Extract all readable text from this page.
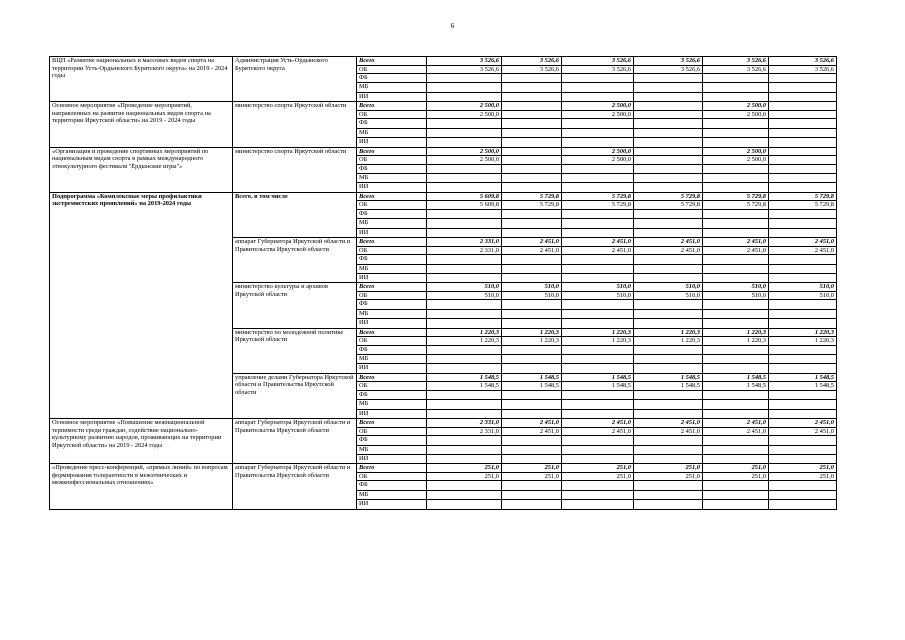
6
ВЦП «Развитие национальных и массовых видов спорта на территории Усть-Ордынского Бурятского округа» на 2019 - 2024 годы	Администрация Усть-Ордынского Бурятского округа	Всего	3 526,6	3 526,6	3 526,6	3 526,6	3 526,6	3 526,6
		ОБ	3 526,6	3 526,6	3 526,6	3 526,6	3 526,6	3 526,6
		ФБ						
		МБ						
		ИИ						
Основное мероприятие «Проведение мероприятий, направленных на развитие национальных видов спорта на территории Иркутской области» на 2019 - 2024 годы	министерство спорта Иркутской области	Всего	2 500,0		2 500,0		2 500,0	
		ОБ	2 500,0		2 500,0		2 500,0	
		ФБ						
		МБ						
		ИИ						
«Организация и проведение спортивных мероприятий по национальным видам спорта в рамках международного этнокультурного фестиваля "Ёрдынские игры"»	министерство спорта Иркутской области	Всего	2 500,0		2 500,0		2 500,0	
		ОБ	2 500,0		2 500,0		2 500,0	
		ФБ						
		МБ						
		ИИ						
Подпрограмма «Комплексные меры профилактики экстремистских проявлений» на 2019-2024 годы	Всего, в том числе	Всего	5 609,8	5 729,8	5 729,8	5 729,8	5 729,8	5 729,8
		ОБ	5 609,8	5 729,8	5 729,8	5 729,8	5 729,8	5 729,8
		ФБ						
		МБ						
		ИИ						
	аппарат Губернатора Иркутской области и Правительства Иркутской области	Всего	2 331,0	2 451,0	2 451,0	2 451,0	2 451,0	2 451,0
		ОБ	2 331,0	2 451,0	2 451,0	2 451,0	2 451,0	2 451,0
		ФБ						
		МБ						
		ИИ						
	министерство культуры и архивов Иркутской области	Всего	510,0	510,0	510,0	510,0	510,0	510,0
		ОБ	510,0	510,0	510,0	510,0	510,0	510,0
		ФБ						
		МБ						
		ИИ						
	министерство по молодежной политике Иркутской области	Всего	1 220,3	1 220,3	1 220,3	1 220,3	1 220,3	1 220,3
		ОБ	1 220,3	1 220,3	1 220,3	1 220,3	1 220,3	1 220,3
		ФБ						
		МБ						
		ИИ						
	управление делами Губернатора Иркутской области и Правительства Иркутской области	Всего	1 548,5	1 548,5	1 548,5	1 548,5	1 548,5	1 548,5
		ОБ	1 548,5	1 548,5	1 548,5	1 548,5	1 548,5	1 548,5
		ФБ						
		МБ						
		ИИ						
Основное мероприятие «Повышение межнациональной терпимости среди граждан, содействие национально-культурному развитию народов, проживающих на территории Иркутской области» на 2019 - 2024 годы	аппарат Губернатора Иркутской области и Правительства Иркутской области	Всего	2 331,0	2 451,0	2 451,0	2 451,0	2 451,0	2 451,0
		ОБ	2 331,0	2 451,0	2 451,0	2 451,0	2 451,0	2 451,0
		ФБ						
		МБ						
		ИИ						
«Проведение пресс-конференций, «прямых линий» по вопросам формирования толерантности в межэтнических и межконфессиональных отношениях»	аппарат Губернатора Иркутской области и Правительства Иркутской области	Всего	251,0	251,0	251,0	251,0	251,0	251,0
		ОБ	251,0	251,0	251,0	251,0	251,0	251,0
		ФБ						
		МБ						
		ИИ						
